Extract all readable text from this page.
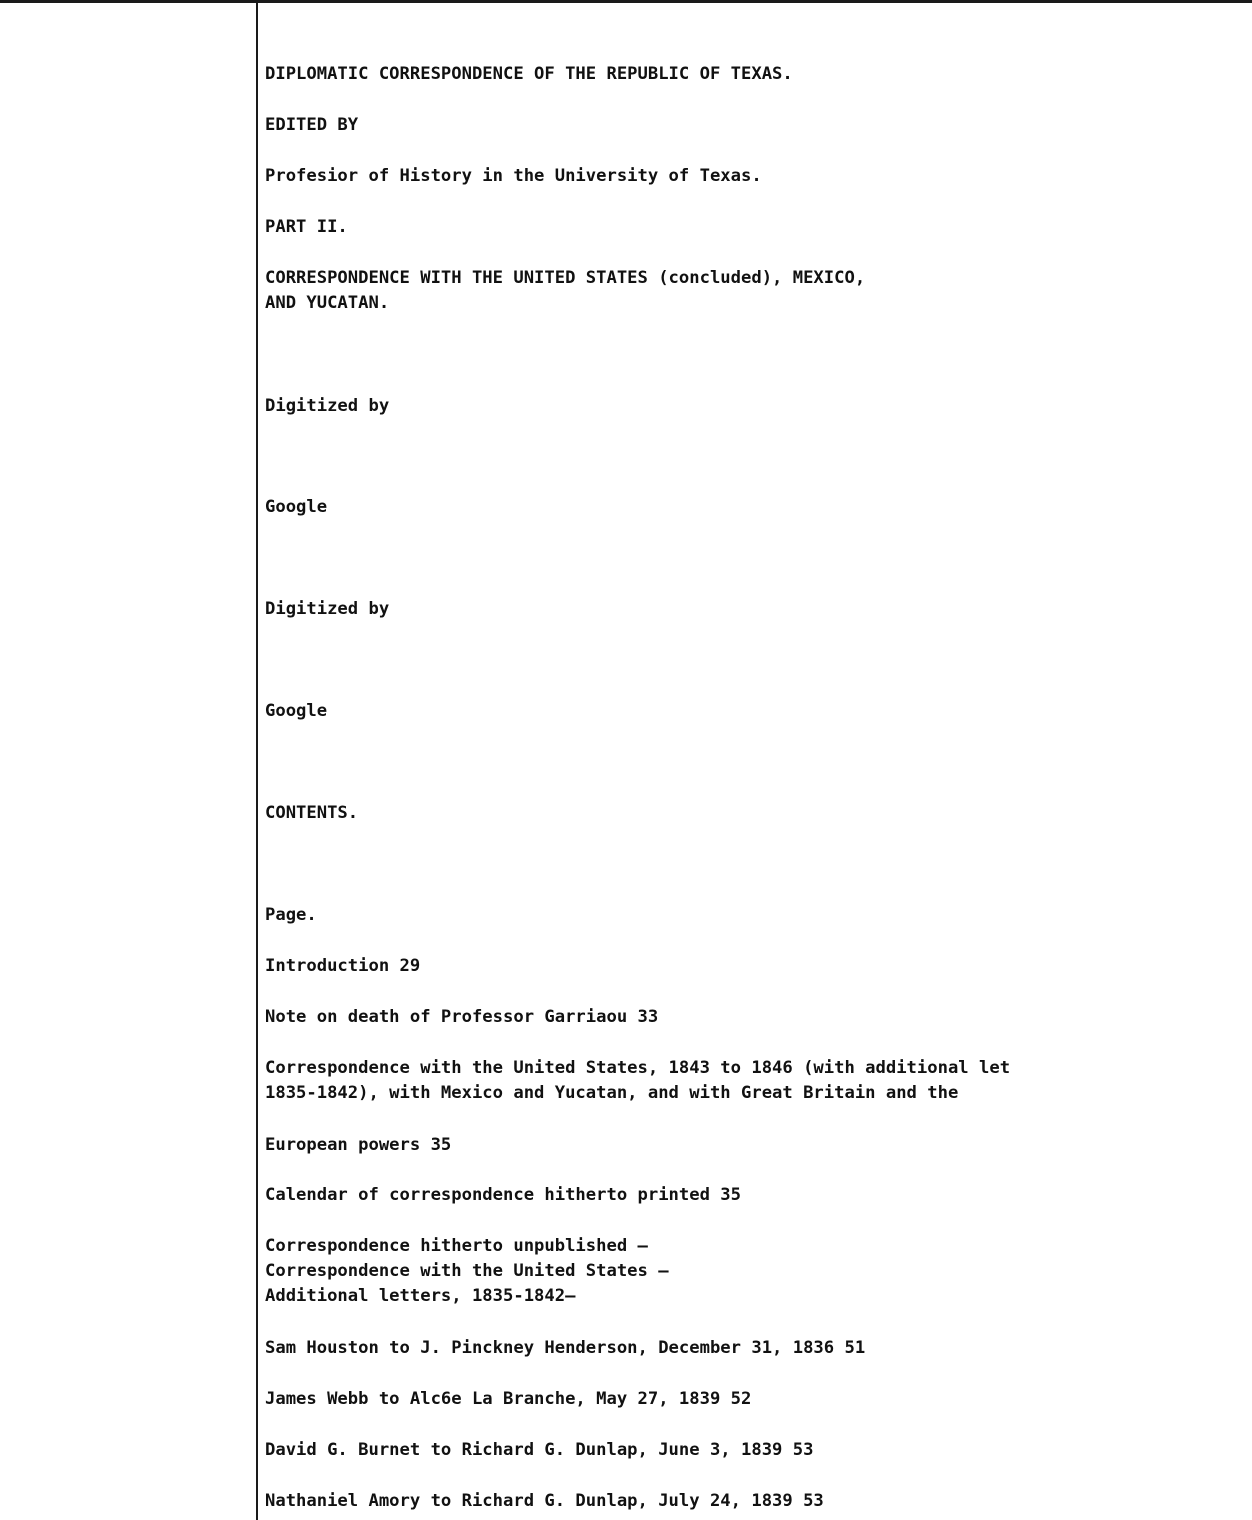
DIPLOMATIC CORRESPONDENCE OF THE REPUBLIC OF TEXAS.

EDITED BY

Profesior of History in the University of Texas.

PART II.

CORRESPONDENCE WITH THE UNITED STATES (concluded), MEXICO,

AND YUCATAN.

Digitized by

Google

Digitized by

Google

CONTENTS.

Page.

Introduction 29

Note on death of Professor Garriaou 33

Correspondence with the United States, 1843 to 1846 (with additional let

1835-1842), with Mexico and Yucatan, and with Great Britain and the

European powers 35

Calendar of correspondence hitherto printed 35

Correspondence hitherto unpublished —

Correspondence with the United States —

Additional letters, 1835-1842—

Sam Houston to J. Pinckney Henderson, December 31, 1836 51

James Webb to Alc6e La Branche, May 27, 1839 52

David G. Burnet to Richard G. Dunlap, June 3, 1839 53

Nathaniel Amory to Richard G. Dunlap, July 24, 1839 53
